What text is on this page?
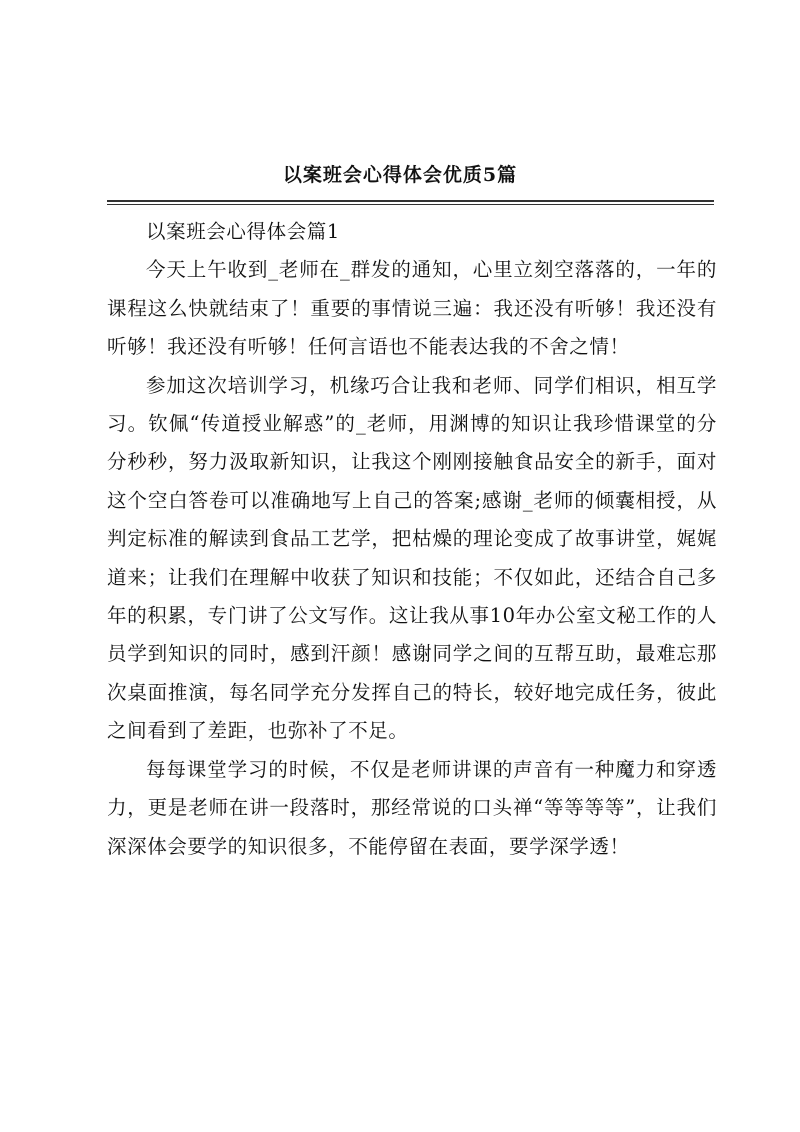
以案班会心得体会优质5篇

以案班会心得体会篇1

今天上午收到_老师在_群发的通知，心里立刻空落落的，一年的课程这么快就结束了！重要的事情说三遍：我还没有听够！我还没有听够！我还没有听够！任何言语也不能表达我的不舍之情！

参加这次培训学习，机缘巧合让我和老师、同学们相识，相互学习。钦佩“传道授业解惑”的_老师，用渊博的知识让我珍惜课堂的分分秒秒，努力汲取新知识，让我这个刚刚接触食品安全的新手，面对这个空白答卷可以准确地写上自己的答案;感谢_老师的倾囊相授，从判定标准的解读到食品工艺学，把枯燥的理论变成了故事讲堂，娓娓道来；让我们在理解中收获了知识和技能；不仅如此，还结合自己多年的积累，专门讲了公文写作。这让我从事10年办公室文秘工作的人员学到知识的同时，感到汗颜！感谢同学之间的互帮互助，最难忘那次桌面推演，每名同学充分发挥自己的特长，较好地完成任务，彼此之间看到了差距，也弥补了不足。

每每课堂学习的时候，不仅是老师讲课的声音有一种魔力和穿透力，更是老师在讲一段落时，那经常说的口头禅“等等等等”，让我们深深体会要学的知识很多，不能停留在表面，要学深学透！
